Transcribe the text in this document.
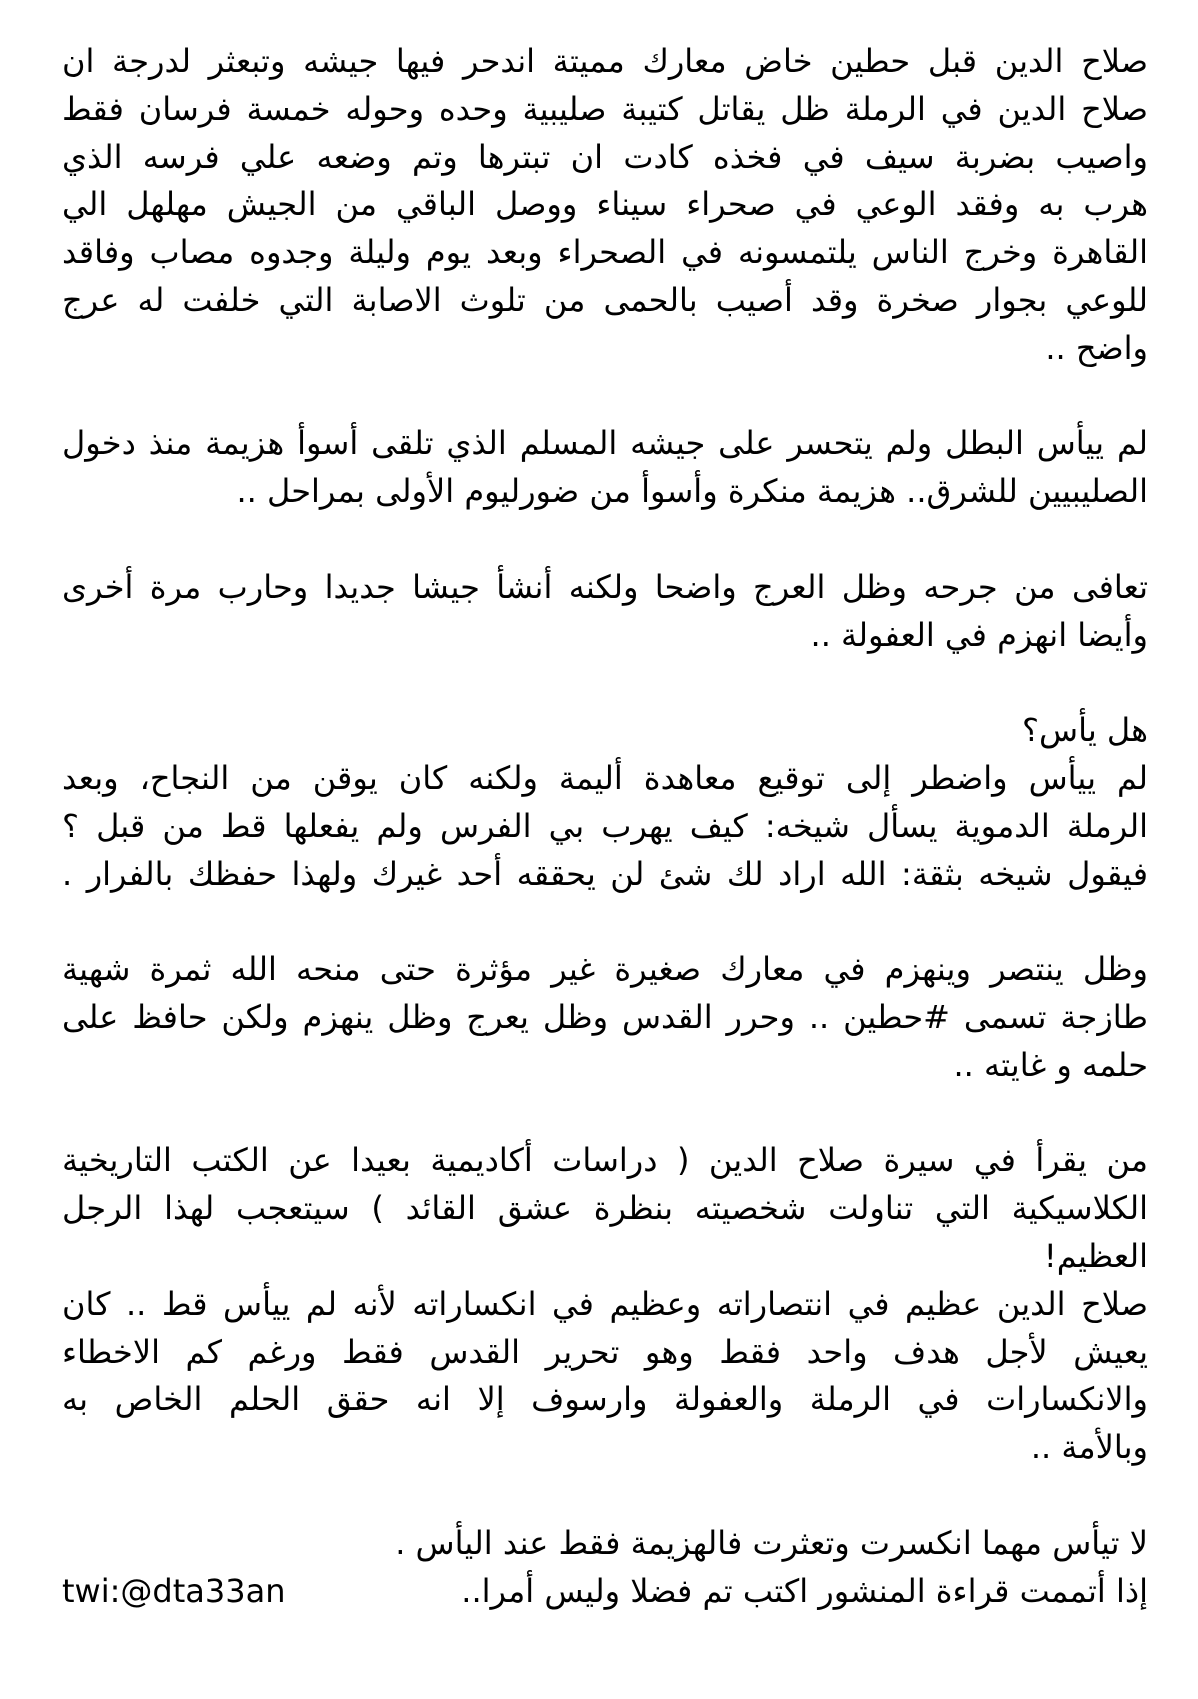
صلاح الدين قبل حطين خاض معارك مميتة اندحر فيها جيشه وتبعثر لدرجة ان
صلاح الدين في الرملة ظل يقاتل كتيبة صليبية وحده وحوله خمسة فرسان فقط
واصيب بضربة سيف في فخذه كادت ان تبترها وتم وضعه علي فرسه الذي
هرب به وفقد الوعي في صحراء سيناء ووصل الباقي من الجيش مهلهل الي
القاهرة وخرج الناس يلتمسونه في الصحراء وبعد يوم وليلة وجدوه مصاب وفاقد
للوعي بجوار صخرة وقد أصيب بالحمى من تلوث الاصابة التي خلفت له عرج
واضح ..
لم ييأس البطل ولم يتحسر على جيشه المسلم الذي تلقى أسوأ هزيمة منذ دخول
الصليبيين للشرق.. هزيمة منكرة وأسوأ من ضورليوم الأولى بمراحل ..
تعافى من جرحه وظل العرج واضحا ولكنه أنشأ جيشا جديدا وحارب مرة أخرى
وأيضا انهزم في العفولة ..
هل يأس؟
لم ييأس واضطر إلى توقيع معاهدة أليمة ولكنه كان يوقن من النجاح، وبعد
الرملة الدموية يسأل شيخه: كيف يهرب بي الفرس ولم يفعلها قط من قبل ؟
فيقول شيخه بثقة: الله اراد لك شئ لن يحققه أحد غيرك ولهذا حفظك بالفرار .
وظل ينتصر وينهزم في معارك صغيرة غير مؤثرة حتى منحه الله ثمرة شهية
طازجة تسمى #حطين .. وحرر القدس وظل يعرج وظل ينهزم ولكن حافظ على
حلمه و غايته ..
من يقرأ في سيرة صلاح الدين ( دراسات أكاديمية بعيدا عن الكتب التاريخية
الكلاسيكية التي تناولت شخصيته بنظرة عشق القائد ) سيتعجب لهذا الرجل
العظيم!
صلاح الدين عظيم في انتصاراته وعظيم في انكساراته لأنه لم ييأس قط .. كان
يعيش لأجل هدف واحد فقط وهو تحرير القدس فقط ورغم كم الاخطاء
والانكسارات في الرملة والعفولة وارسوف إلا انه حقق الحلم الخاص به
وبالأمة ..
لا تيأس مهما انكسرت وتعثرت فالهزيمة فقط عند اليأس .
إذا أتممت قراءة المنشور اكتب تم فضلا وليس أمرا..
twi:@dta33an
